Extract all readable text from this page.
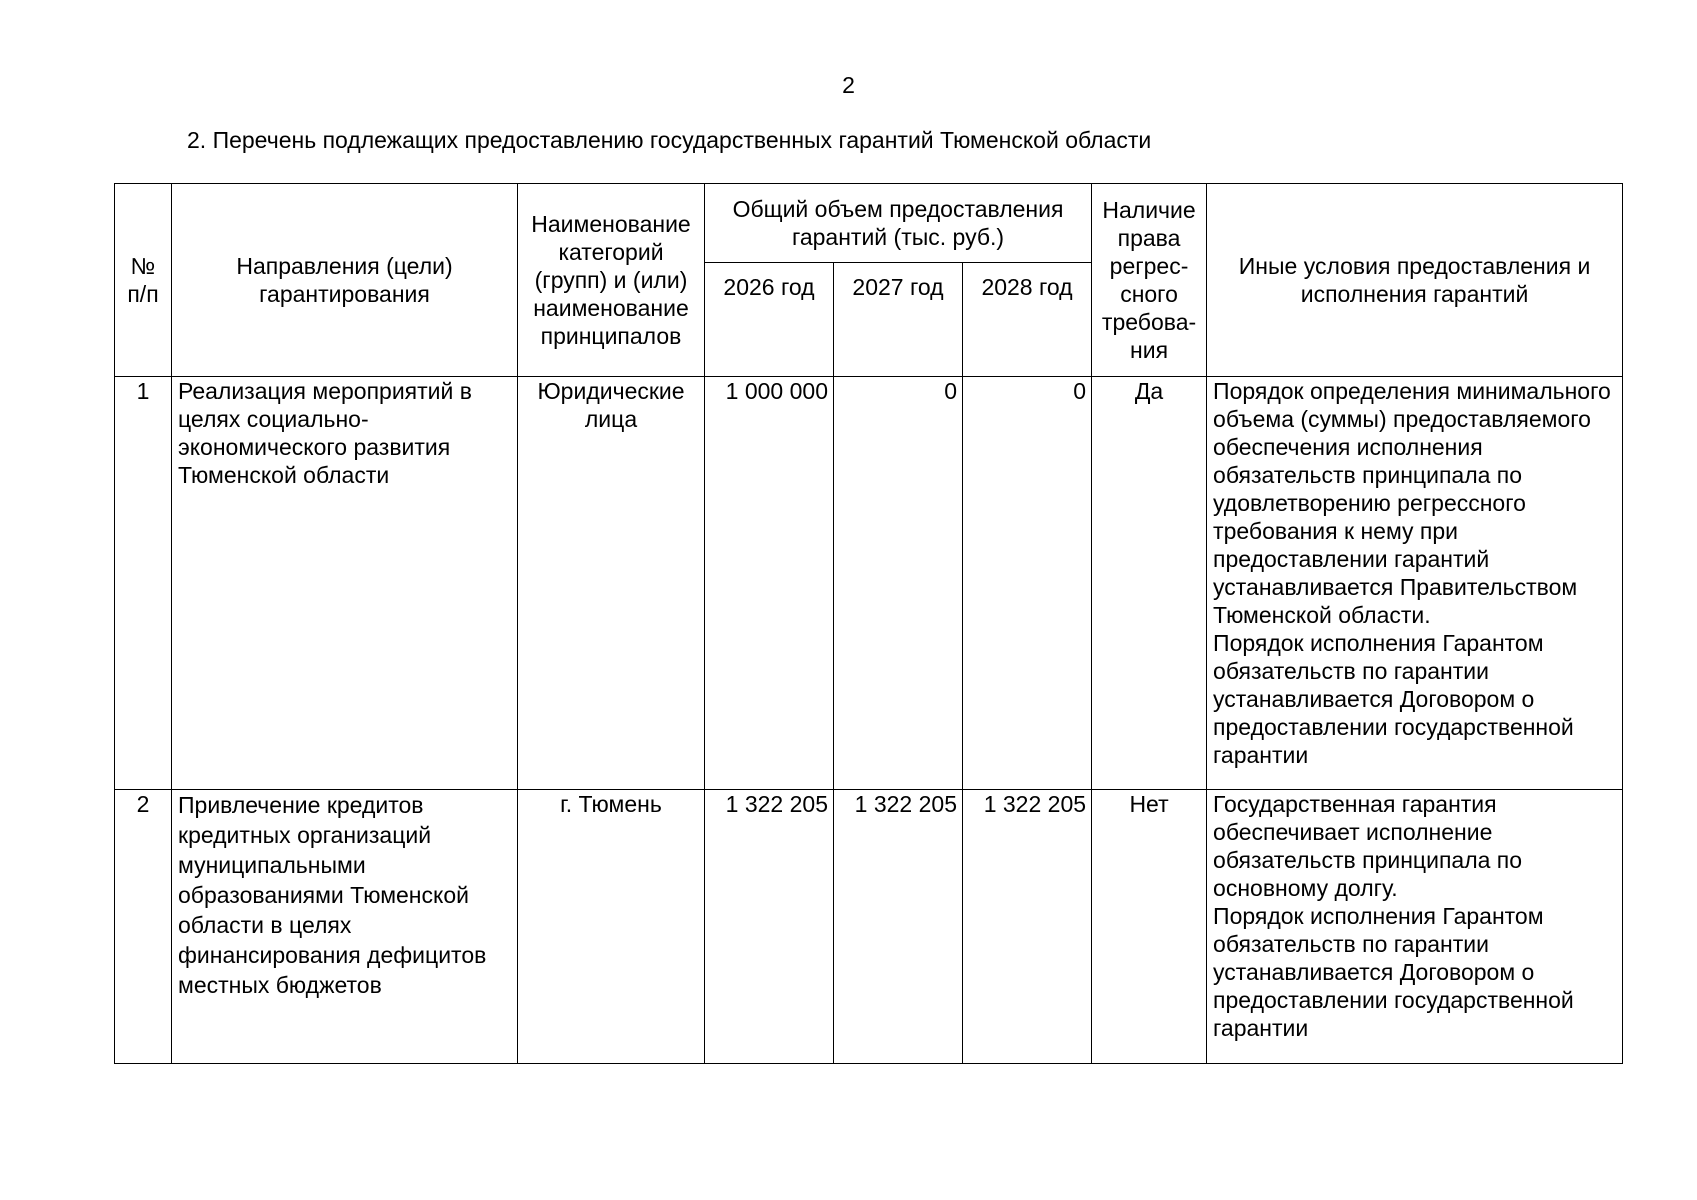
2
2. Перечень подлежащих предоставлению государственных гарантий Тюменской области
№ п/п	Направления (цели) гарантирования	Наименование категорий (групп) и (или) наименование принципалов	Общий объем предоставления гарантий (тыс. руб.)			Наличие права регрес-сного требова-ния	Иные условия предоставления и исполнения гарантий
			2026 год	2027 год	2028 год		
1	Реализация мероприятий в целях социально-экономического развития Тюменской области	Юридические лица	1 000 000	0	0	Да	Порядок определения минимального объема (суммы) предоставляемого обеспечения исполнения обязательств принципала по удовлетворению регрессного требования к нему при предоставлении гарантий устанавливается Правительством Тюменской области.
Порядок исполнения Гарантом обязательств по гарантии устанавливается Договором о предоставлении государственной гарантии

2	Привлечение кредитов кредитных организаций муниципальными образованиями Тюменской области в целях финансирования дефицитов местных бюджетов	г. Тюмень	1 322 205	1 322 205	1 322 205	Нет	Государственная гарантия обеспечивает исполнение обязательств принципала по основному долгу.
Порядок исполнения Гарантом обязательств по гарантии устанавливается Договором о предоставлении государственной гарантии
